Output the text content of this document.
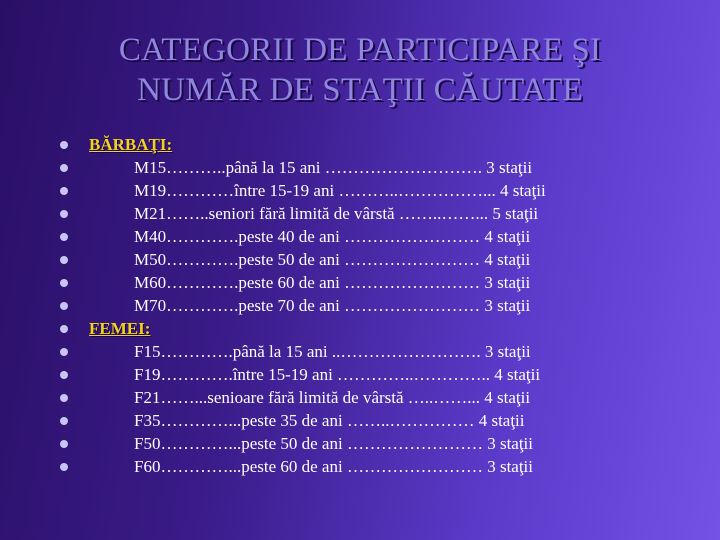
CATEGORII DE PARTICIPARE ŞI
NUMĂR DE STAŢII CĂUTATE
BĂRBAŢI:
M15………..până la 15 ani ………………………. 3 staţii
M19…………între 15-19 ani ………..……………... 4 staţii
M21……..seniori fără limită de vârstă ……..……... 5 staţii
M40………….peste 40 de ani …………………… 4 staţii
M50………….peste 50 de ani …………………… 4 staţii
M60………….peste 60 de ani …………………… 3 staţii
M70………….peste 70 de ani …………………… 3 staţii
FEMEI:
F15………….până la 15 ani ..……………………. 3 staţii
F19………….între 15-19 ani …………..………….. 4 staţii
F21……...senioare fără limită de vârstă …..……... 4 staţii
F35…………...peste 35 de ani ……..…………… 4 staţii
F50…………...peste 50 de ani …………………… 3 staţii
F60…………...peste 60 de ani …………………… 3 staţii
